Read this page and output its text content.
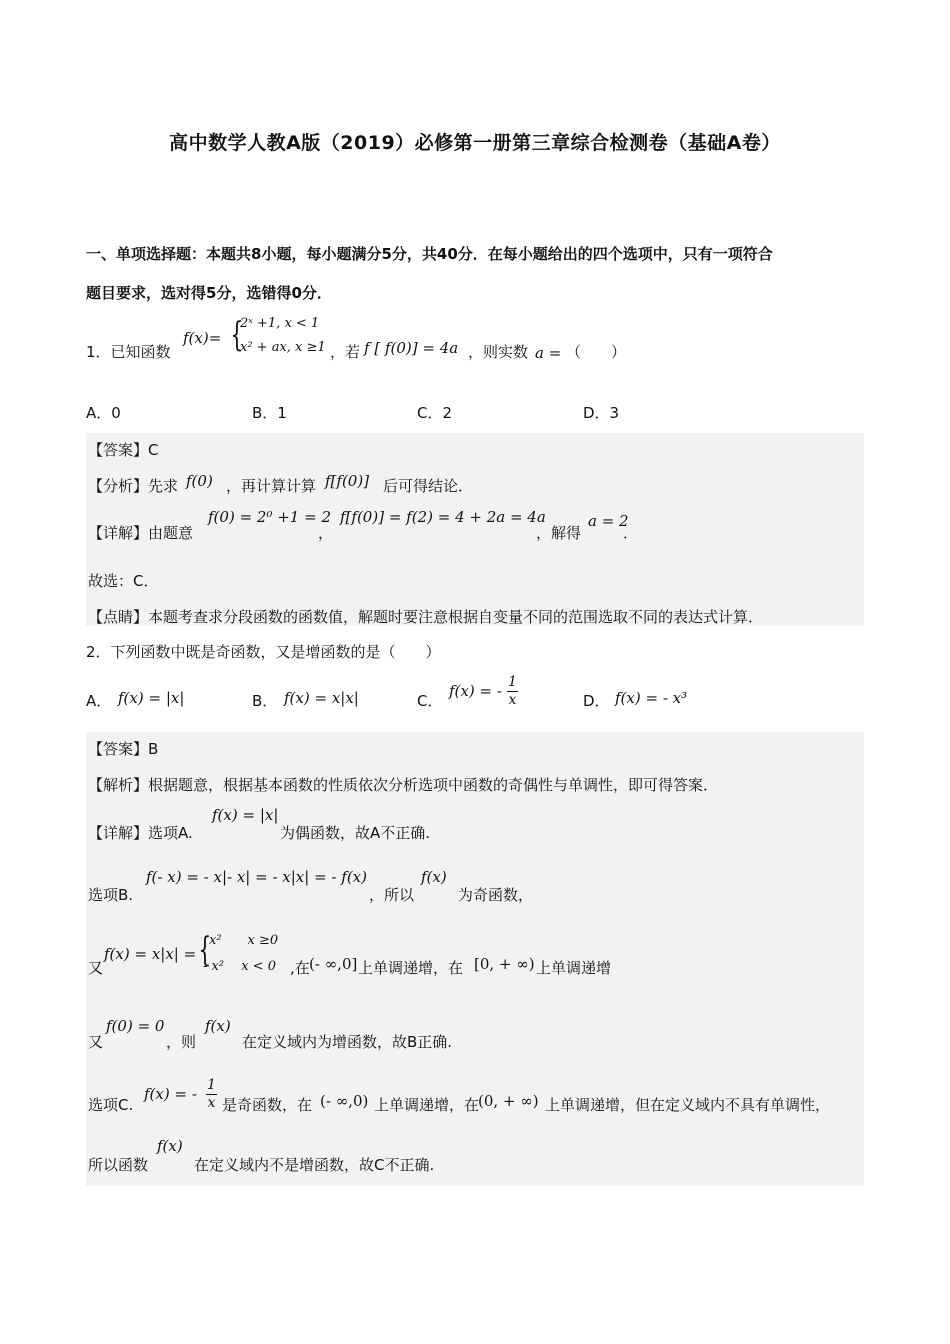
高中数学人教A版（2019）必修第一册第三章综合检测卷（基础A卷）
一、单项选择题：本题共8小题，每小题满分5分，共40分．在每小题给出的四个选项中，只有一项符合
题目要求，选对得5分，选错得0分．
1．已知函数
f(x)= {
2ˣ +1, x < 1
x² + ax, x ≥1 ，若 f [ f(0)] = 4a ，则实数 a = （　　）
A．0	B．1	C．2	D．3
【答案】C
【分析】先求 f(0) ，再计算计算 f[f(0)] 后可得结论．
【详解】由题意
f(0) = 2⁰ +1 = 2
，
f[f(0)] = f(2) = 4 + 2a = 4a
，解得
a = 2
．
故选：C．
【点睛】本题考查求分段函数的函数值，解题时要注意根据自变量不同的范围选取不同的表达式计算．
2．下列函数中既是奇函数，又是增函数的是（　　）
A． f(x) = |x|	B． f(x) = x|x|	C．
f(x) = - $\frac{1}{x}$	D． f(x) = - x³
【答案】B
【解析】根据题意，根据基本函数的性质依次分析选项中函数的奇偶性与单调性，即可得答案．
【详解】选项A.
f(x) = |x|
为偶函数，故A不正确.
选项B.
f(- x) = - x|- x| = - x|x| = - f(x)
，所以
f(x)
为奇函数，
又
f(x) = x|x| = {
x²　　x ≥0
- x²　 x < 0 ,在 (- ∞,0] 上单调递增，在 [0, + ∞) 上单调递增
又
f(0) = 0
，则
f(x)
在定义域内为增函数，故B正确.
选项C.
f(x) = - $\frac{1}{x}$ 是奇函数，在 (- ∞,0) 上单调递增，在
(0, + ∞) 上单调递增，但在定义域内不具有单调性，
所以函数
f(x)
在定义域内不是增函数，故C不正确.
